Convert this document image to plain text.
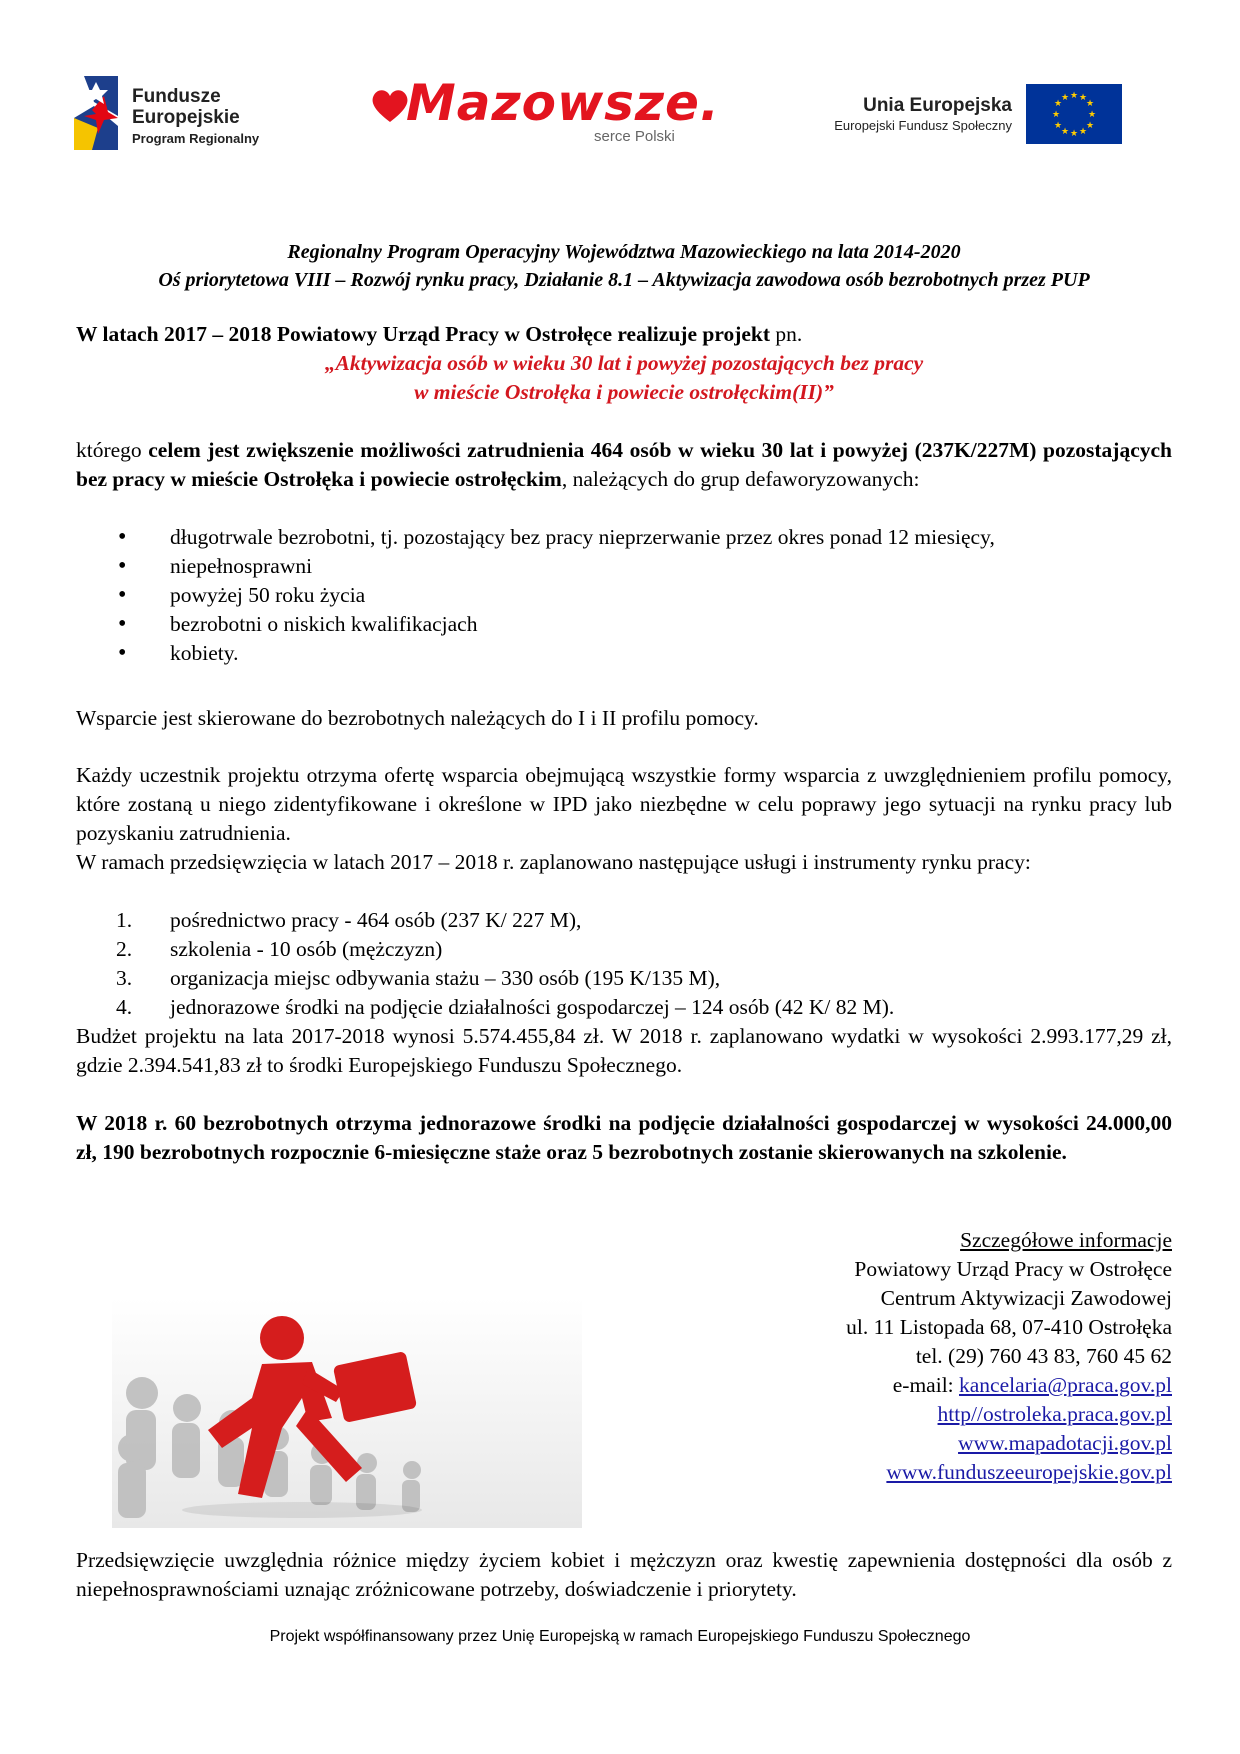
Fundusze
Europejskie
Program Regionalny
Mazowsze.
serce Polski
Unia Europejska
Europejski Fundusz Społeczny
★ ★
★
★
★
★
★
★
★
★
★
★
Regionalny Program Operacyjny Województwa Mazowieckiego na lata 2014-2020
Oś priorytetowa VIII – Rozwój rynku pracy, Działanie 8.1 – Aktywizacja zawodowa osób bezrobotnych przez PUP
W latach 2017 – 2018 Powiatowy Urząd Pracy w Ostrołęce realizuje projekt pn.
„Aktywizacja osób w wieku 30 lat i powyżej pozostających bez pracy
w mieście Ostrołęka i powiecie ostrołęckim(II)”
którego celem jest zwiększenie możliwości zatrudnienia 464 osób w wieku 30 lat i powyżej (237K/227M) pozostających bez pracy w mieście Ostrołęka i powiecie ostrołęckim, należących do grup defaworyzowanych:
• długotrwale bezrobotni, tj. pozostający bez pracy nieprzerwanie przez okres ponad 12 miesięcy,
• niepełnosprawni
• powyżej 50 roku życia
• bezrobotni o niskich kwalifikacjach
• kobiety.
Wsparcie jest skierowane do bezrobotnych należących do I i II profilu pomocy.
Każdy uczestnik projektu otrzyma ofertę wsparcia obejmującą wszystkie formy wsparcia z uwzględnieniem profilu pomocy, które zostaną u niego zidentyfikowane i określone w IPD jako niezbędne w celu poprawy jego sytuacji na rynku pracy lub pozyskaniu zatrudnienia.
W ramach przedsięwzięcia w latach 2017 – 2018 r. zaplanowano następujące usługi i instrumenty rynku pracy:
1. pośrednictwo pracy - 464 osób (237 K/ 227 M),
2. szkolenia - 10 osób (mężczyzn)
3. organizacja miejsc odbywania stażu – 330 osób (195 K/135 M),
4. jednorazowe środki na podjęcie działalności gospodarczej – 124 osób (42 K/ 82 M).
Budżet projektu na lata 2017-2018 wynosi 5.574.455,84 zł. W 2018 r. zaplanowano wydatki w wysokości 2.993.177,29 zł, gdzie 2.394.541,83 zł to środki Europejskiego Funduszu Społecznego.
W 2018 r. 60 bezrobotnych otrzyma jednorazowe środki na podjęcie działalności gospodarczej w wysokości 24.000,00 zł, 190 bezrobotnych rozpocznie 6-miesięczne staże oraz 5 bezrobotnych zostanie skierowanych na szkolenie.
Szczegółowe informacje
Powiatowy Urząd Pracy w Ostrołęce
Centrum Aktywizacji Zawodowej
ul. 11 Listopada 68, 07-410 Ostrołęka
tel. (29) 760 43 83, 760 45 62
e-mail: kancelaria@praca.gov.pl
http//ostroleka.praca.gov.pl
www.mapadotacji.gov.pl
www.funduszeeuropejskie.gov.pl
Przedsięwzięcie uwzględnia różnice między życiem kobiet i mężczyzn oraz kwestię zapewnienia dostępności dla osób z niepełnosprawnościami uznając zróżnicowane potrzeby, doświadczenie i priorytety.
Projekt współfinansowany przez Unię Europejską w ramach Europejskiego Funduszu Społecznego
